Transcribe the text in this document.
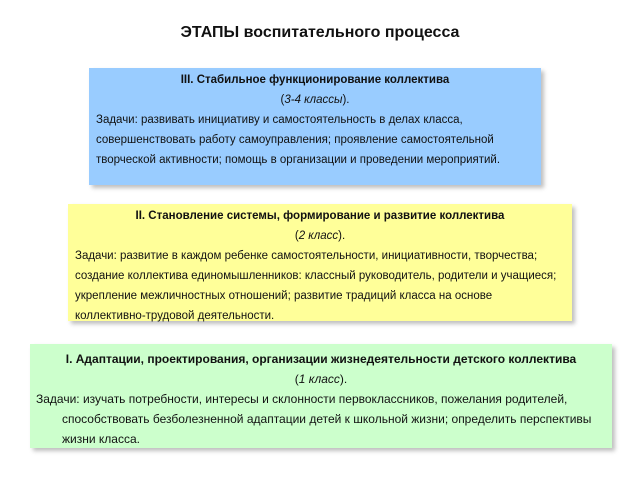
ЭТАПЫ воспитательного процесса
III. Стабильное функционирование коллектива
(3-4 классы).

Задачи: развивать инициативу и самостоятельность в делах класса, совершенствовать работу самоуправления; проявление самостоятельной творческой активности; помощь в организации и проведении мероприятий.

II. Становление системы, формирование и развитие коллектива
(2 класс).

Задачи: развитие в каждом ребенке самостоятельности, инициативности, творчества; создание коллектива единомышленников: классный руководитель, родители и учащиеся; укрепление межличностных отношений; развитие традиций класса на основе коллективно-трудовой деятельности.

I. Адаптации, проектирования, организации жизнедеятельности детского коллектива
(1 класс).

Задачи: изучать потребности, интересы и склонности первоклассников, пожелания родителей, способствовать безболезненной адаптации детей к школьной жизни; определить перспективы жизни класса.
